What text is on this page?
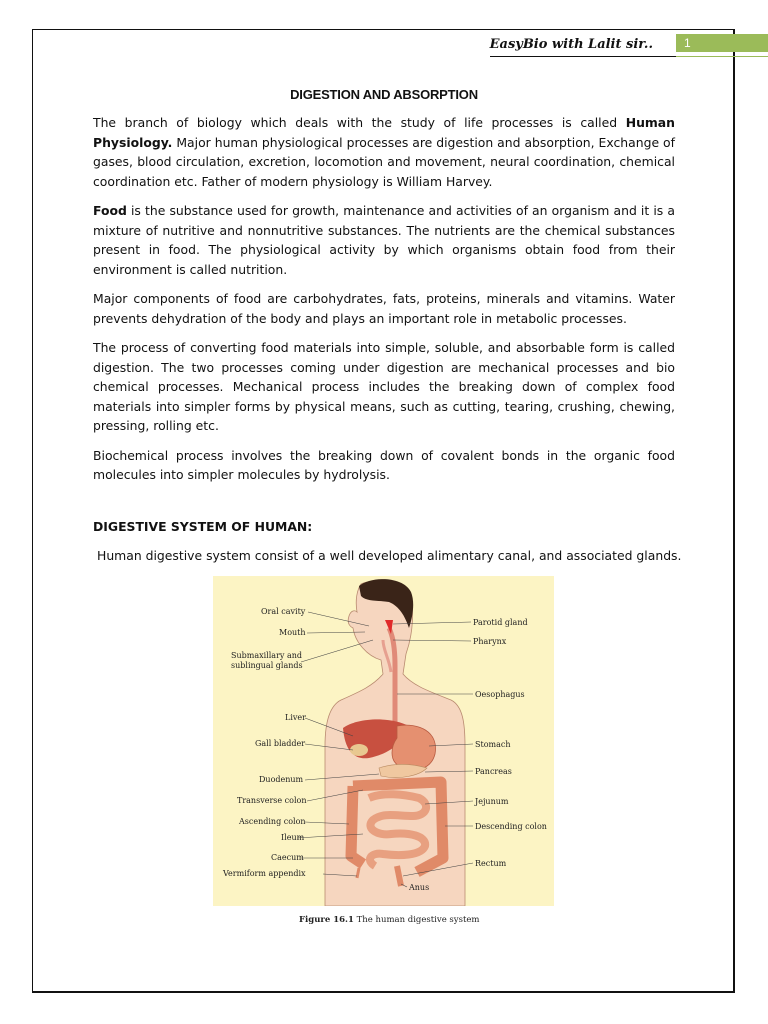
EasyBio with Lalit sir..	1
DIGESTION AND ABSORPTION

The branch of biology which deals with the study of life processes is called Human Physiology. Major human physiological processes are digestion and absorption, Exchange of gases, blood circulation, excretion, locomotion and movement, neural coordination, chemical coordination etc. Father of modern physiology is William Harvey.

Food is the substance used for growth, maintenance and activities of an organism and it is a mixture of nutritive and nonnutritive substances. The nutrients are the chemical substances present in food. The physiological activity by which organisms obtain food from their environment is called nutrition.

Major components of food are carbohydrates, fats, proteins, minerals and vitamins. Water prevents dehydration of the body and plays an important role in metabolic processes.

The process of converting food materials into simple, soluble, and absorbable form is called digestion. The two processes coming under digestion are mechanical processes and bio chemical processes. Mechanical process includes the breaking down of complex food materials into simpler forms by physical means, such as cutting, tearing, crushing, chewing, pressing, rolling etc.

Biochemical process involves the breaking down of covalent bonds in the organic food molecules into simpler molecules by hydrolysis.

DIGESTIVE SYSTEM OF HUMAN:
Human digestive system consist of a well developed alimentary canal, and associated glands.
Oral cavity
Mouth
Submaxillary and
sublingual glands
Liver
Gall bladder
Duodenum
Transverse colon
Ascending colon
Ileum
Caecum
Vermiform appendix
Parotid gland
Pharynx
Oesophagus
Stomach
Pancreas
Jejunum
Descending colon
Rectum
Anus
Figure 16.1 The human digestive system
